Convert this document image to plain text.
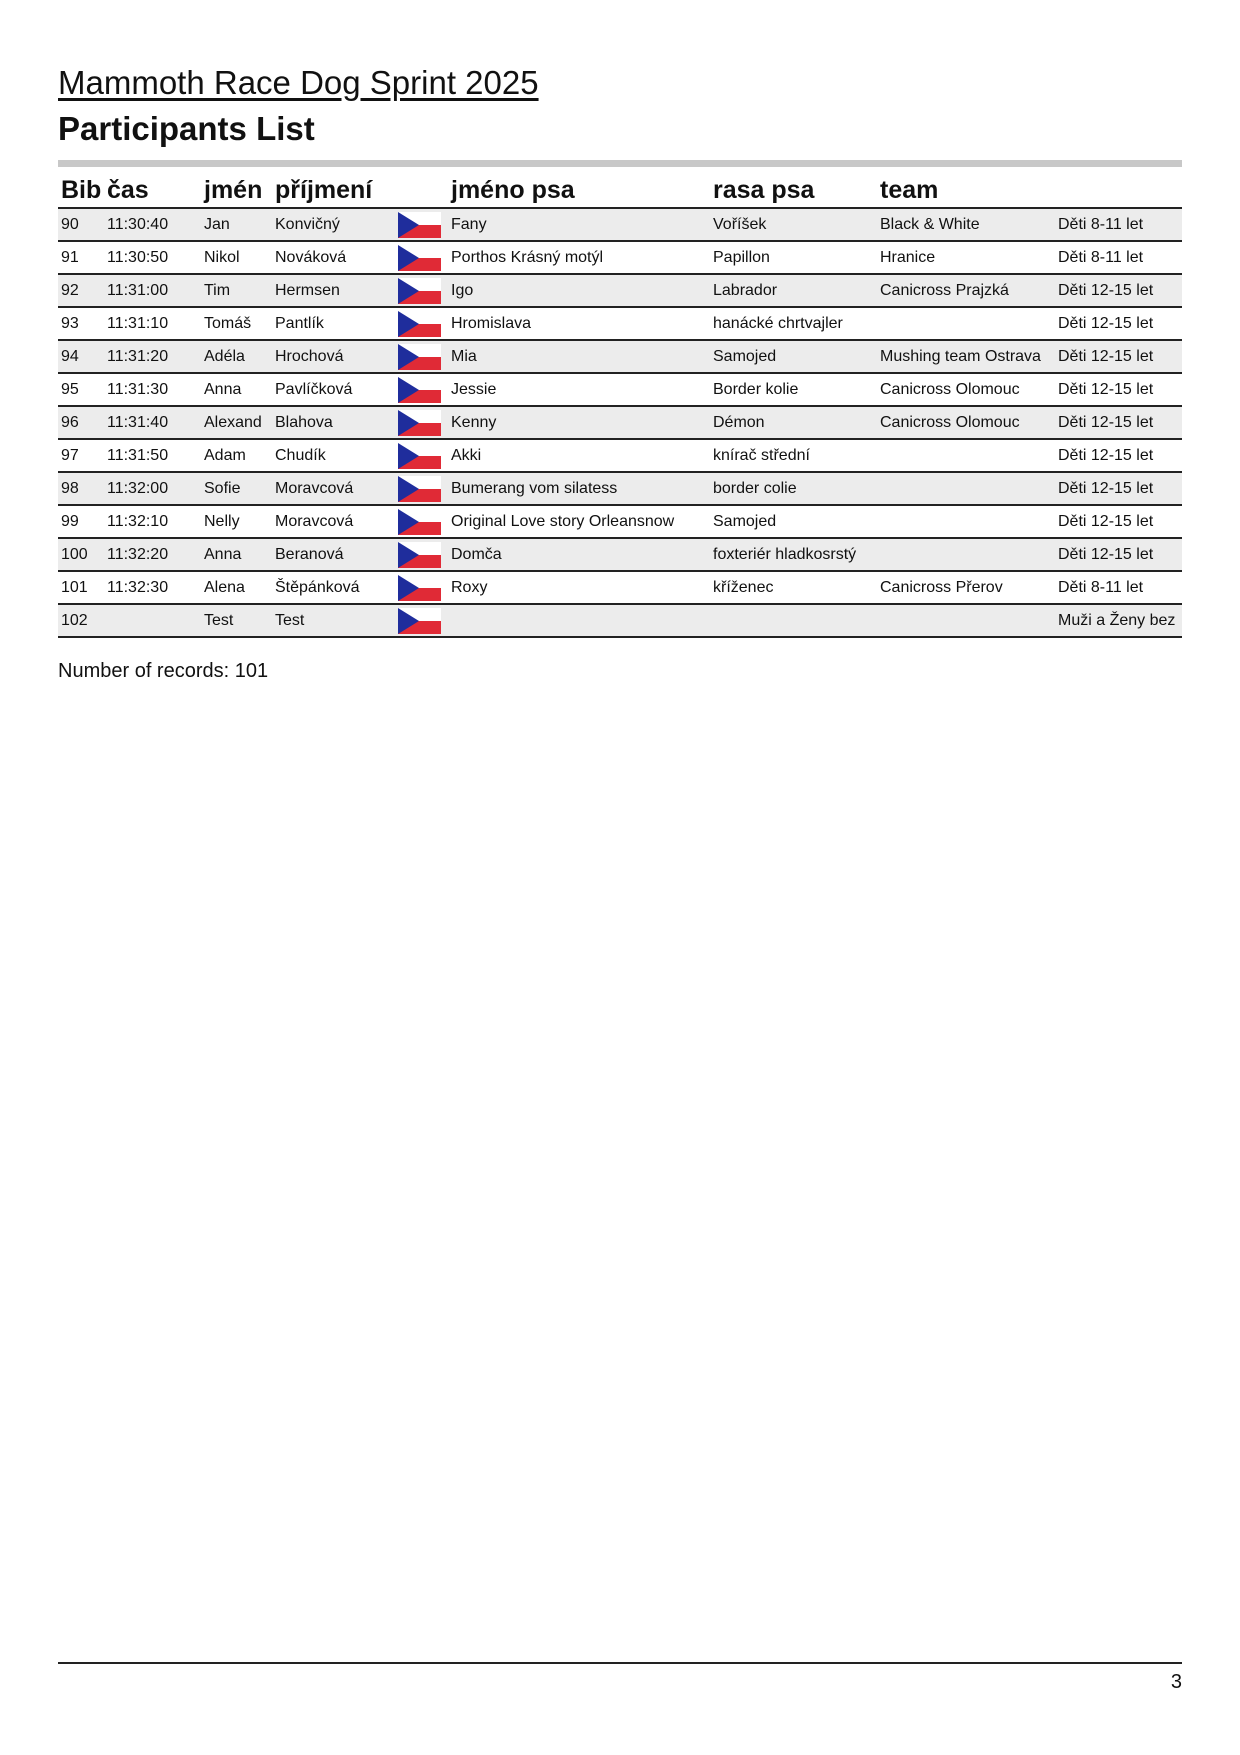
Mammoth Race Dog Sprint 2025
Participants List
Bib	čas	jmén	příjmení		jméno psa	rasa psa	team	
90	11:30:40	Jan	Konvičný		Fany	Voříšek	Black & White	Děti 8-11 let
91	11:30:50	Nikol	Nováková		Porthos Krásný motýl	Papillon	Hranice	Děti 8-11 let
92	11:31:00	Tim	Hermsen		Igo	Labrador	Canicross Prajzká	Děti 12-15 let
93	11:31:10	Tomáš	Pantlík		Hromislava	hanácké chrtvajler		Děti 12-15 let
94	11:31:20	Adéla	Hrochová		Mia	Samojed	Mushing team Ostrava	Děti 12-15 let
95	11:31:30	Anna	Pavlíčková		Jessie	Border kolie	Canicross Olomouc	Děti 12-15 let
96	11:31:40	Alexand	Blahova		Kenny	Démon	Canicross Olomouc	Děti 12-15 let
97	11:31:50	Adam	Chudík		Akki	knírač střední		Děti 12-15 let
98	11:32:00	Sofie	Moravcová		Bumerang vom silatess	border colie		Děti 12-15 let
99	11:32:10	Nelly	Moravcová		Original Love story Orleansnow	Samojed		Děti 12-15 let
100	11:32:20	Anna	Beranová		Domča	foxteriér hladkosrstý		Děti 12-15 let
101	11:32:30	Alena	Štěpánková		Roxy	kříženec	Canicross Přerov	Děti 8-11 let
102		Test	Test					Muži a Ženy bez
Number of records: 101
3
